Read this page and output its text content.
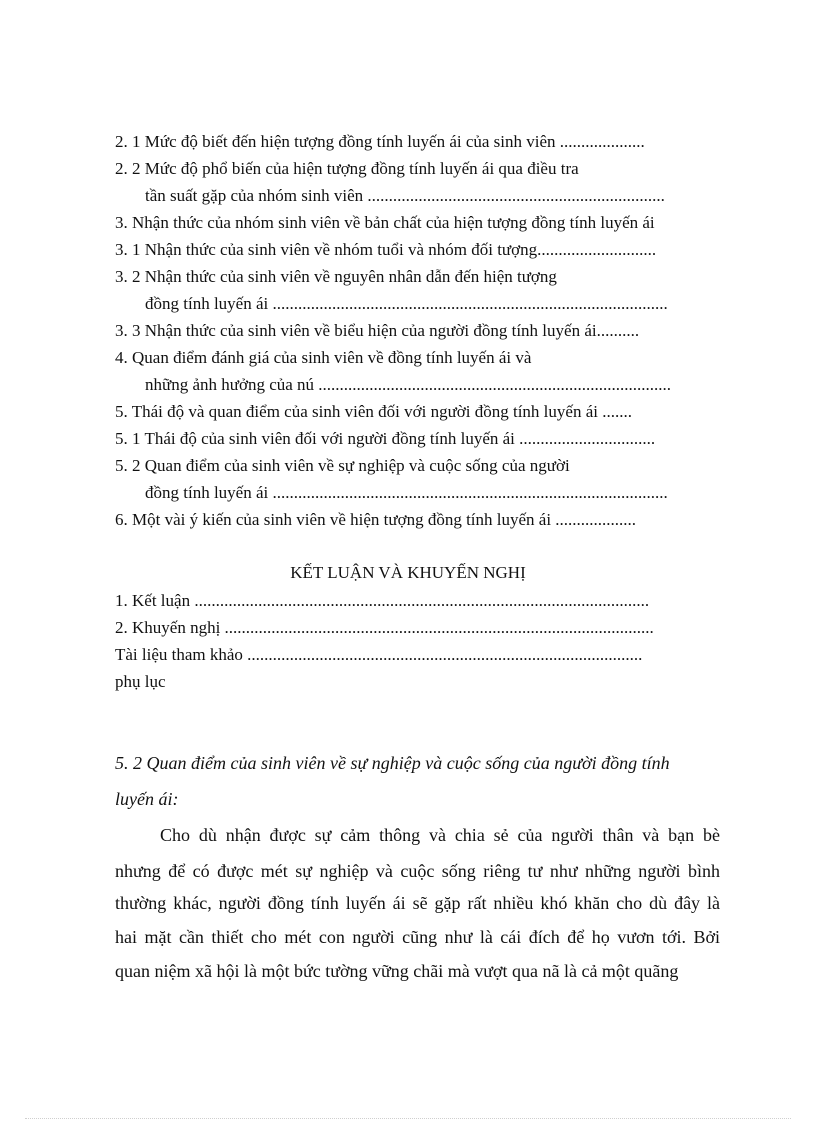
2. 1 Mức độ biết đến hiện tượng đồng tính luyến ái của sinh viên ....................
2. 2 Mức độ phổ biến của hiện tượng đồng tính luyến ái qua điều tra
tần suất gặp của nhóm sinh viên ......................................................................
3. Nhận thức của nhóm sinh viên về bản chất của hiện tượng đồng tính luyến ái
3. 1 Nhận thức của sinh viên về nhóm tuổi và nhóm đối tượng............................
3. 2 Nhận thức của sinh viên về nguyên nhân dẫn đến hiện tượng
đồng tính luyến ái .............................................................................................
3. 3 Nhận thức của sinh viên về biểu hiện của người đồng tính luyến ái..........
4. Quan điểm đánh giá của sinh viên về đồng tính luyến ái và
những ảnh hưởng của nú ...................................................................................
5. Thái độ và quan điểm của sinh viên đối với người đồng tính luyến ái .......
5. 1 Thái độ của sinh viên đối với người đồng tính luyến ái ................................
5. 2 Quan điểm của sinh viên về sự nghiệp và cuộc sống của người
đồng tính luyến ái .............................................................................................
6. Một vài ý kiến của sinh viên về hiện tượng đồng tính luyến ái ...................
KẾT LUẬN VÀ KHUYẾN NGHỊ
1. Kết luận ...........................................................................................................
2. Khuyến nghị .....................................................................................................
Tài liệu tham khảo .............................................................................................
phụ lục
5. 2 Quan điểm của sinh viên về sự nghiệp và cuộc sống của người đồng tính
luyến ái:
Cho dù nhận được sự cảm thông và chia sẻ của người thân và bạn bè
nhưng để có được mét sự nghiệp và cuộc sống riêng tư như những người bình
thường khác, người đồng tính luyến ái sẽ gặp rất nhiều khó khăn cho dù đây là
hai mặt cần thiết cho mét con người cũng như là cái đích để họ vươn tới. Bởi
quan niệm xã hội là một bức tường vững chãi mà vượt qua nã là cả một quãng
